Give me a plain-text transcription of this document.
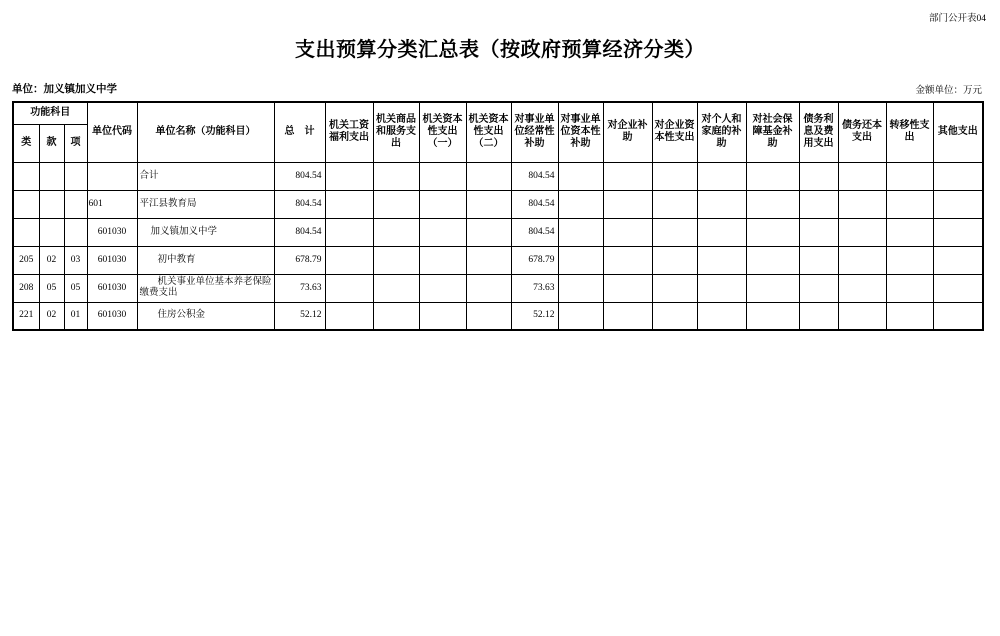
部门公开表04
支出预算分类汇总表（按政府预算经济分类）
单位：加义镇加义中学	金额单位：万元
功能科目			单位代码	单位名称（功能科目）	总　计	机关工资福利支出	机关商品和服务支出	机关资本性支出（一）	机关资本性支出（二）	对事业单位经常性补助	对事业单位资本性补助	对企业补助	对企业资本性支出	对个人和家庭的补助	对社会保障基金补助	债务利息及费用支出	债务还本支出	转移性支出	其他支出
类	款	项																	
				合计	804.54					804.54									
			601	平江县教育局	804.54					804.54									
			601030	加义镇加义中学	804.54					804.54									
205	02	03	601030	初中教育	678.79					678.79									
208	05	05	601030	机关事业单位基本养老保险缴费支出	73.63					73.63									
221	02	01	601030	住房公积金	52.12					52.12									
